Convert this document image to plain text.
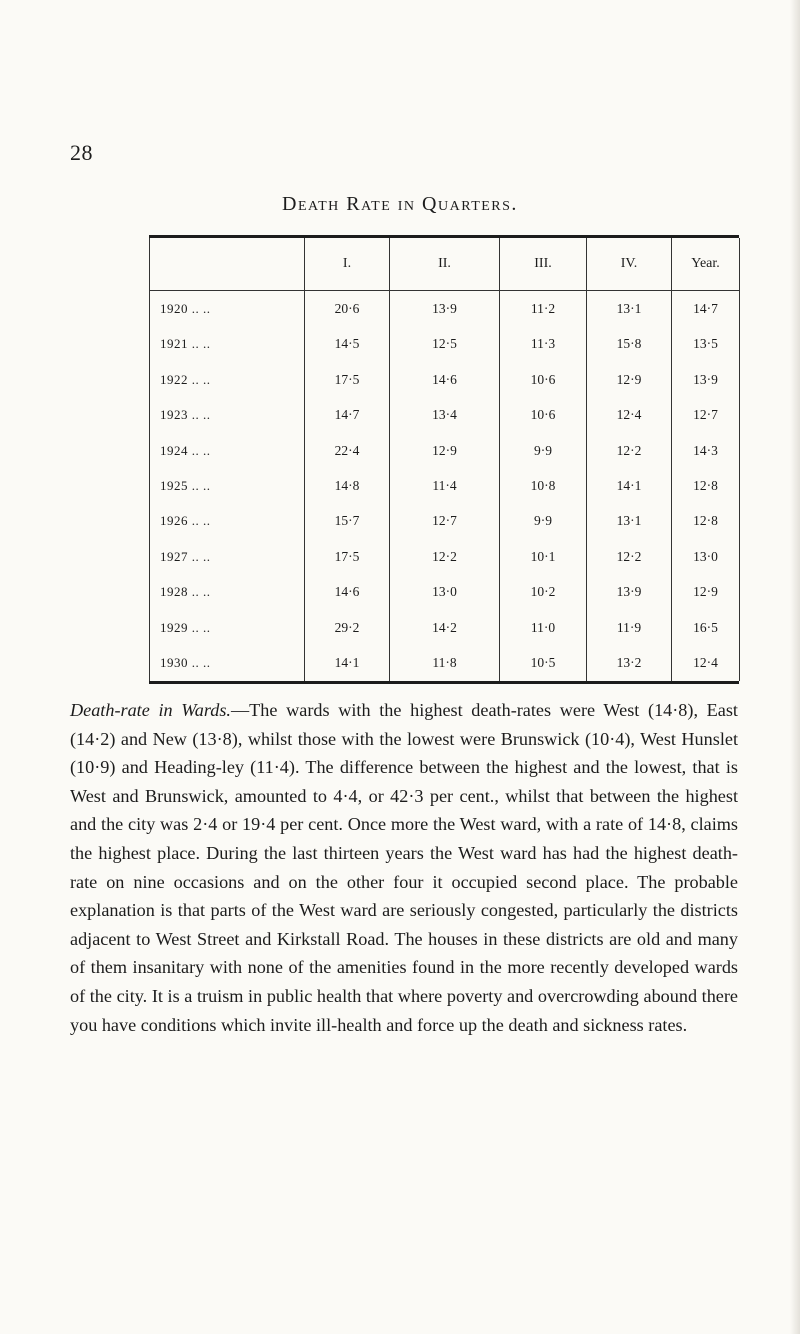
28
Death Rate in Quarters.
	I.	II.	III.	IV.	Year.
1920 .. ..	20·6	13·9	11·2	13·1	14·7
1921 .. ..	14·5	12·5	11·3	15·8	13·5
1922 .. ..	17·5	14·6	10·6	12·9	13·9
1923 .. ..	14·7	13·4	10·6	12·4	12·7
1924 .. ..	22·4	12·9	9·9	12·2	14·3
1925 .. ..	14·8	11·4	10·8	14·1	12·8
1926 .. ..	15·7	12·7	9·9	13·1	12·8
1927 .. ..	17·5	12·2	10·1	12·2	13·0
1928 .. ..	14·6	13·0	10·2	13·9	12·9
1929 .. ..	29·2	14·2	11·0	11·9	16·5
1930 .. ..	14·1	11·8	10·5	13·2	12·4

Death-rate in Wards.—The wards with the highest death-rates were West (14·8), East (14·2) and New (13·8), whilst those with the lowest were Brunswick (10·4), West Hunslet (10·9) and Heading-ley (11·4). The difference between the highest and the lowest, that is West and Brunswick, amounted to 4·4, or 42·3 per cent., whilst that between the highest and the city was 2·4 or 19·4 per cent. Once more the West ward, with a rate of 14·8, claims the highest place. During the last thirteen years the West ward has had the highest death-rate on nine occasions and on the other four it occupied second place. The probable explanation is that parts of the West ward are seriously congested, particularly the districts adjacent to West Street and Kirkstall Road. The houses in these districts are old and many of them insanitary with none of the amenities found in the more recently developed wards of the city. It is a truism in public health that where poverty and overcrowding abound there you have conditions which invite ill-health and force up the death and sickness rates.
